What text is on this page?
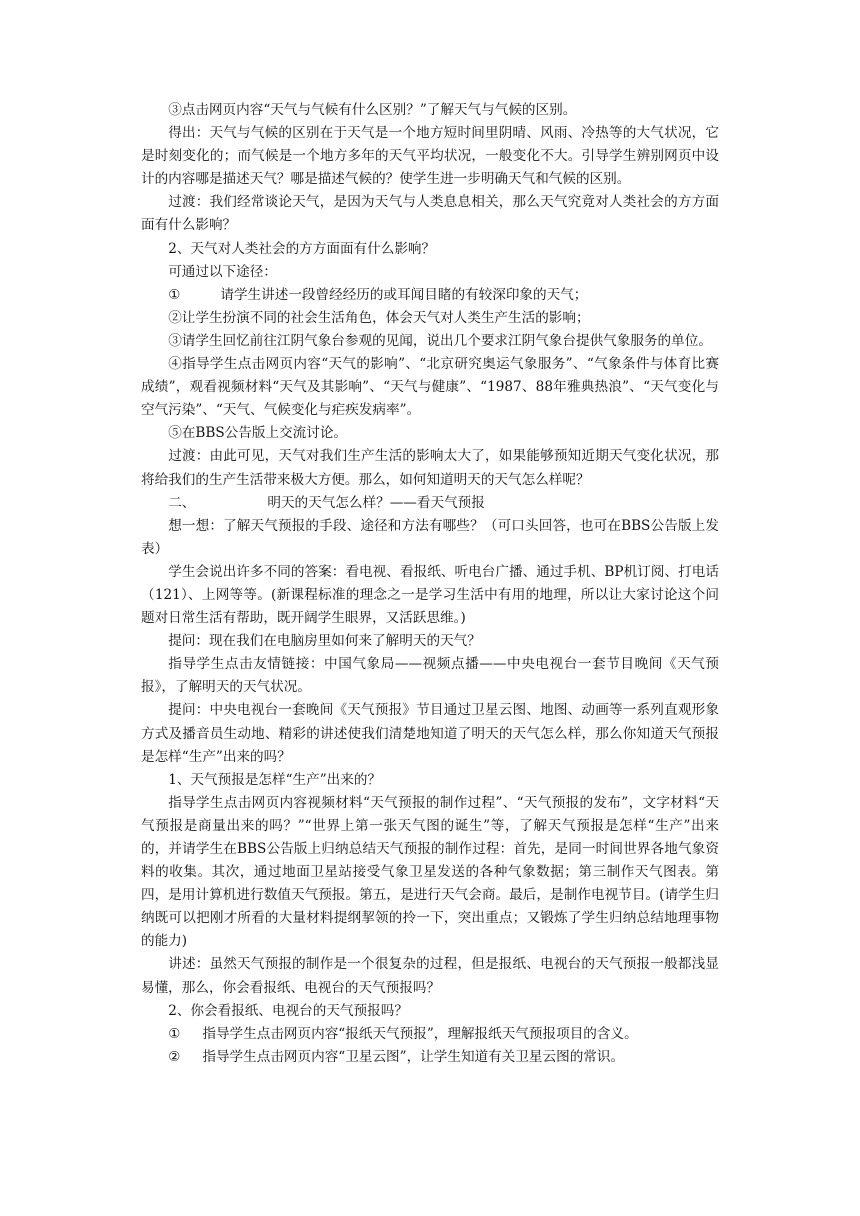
③点击网页内容“天气与气候有什么区别？”了解天气与气候的区别。

得出：天气与气候的区别在于天气是一个地方短时间里阴晴、风雨、冷热等的大气状况，它是时刻变化的；而气候是一个地方多年的天气平均状况，一般变化不大。引导学生辨别网页中设计的内容哪是描述天气？哪是描述气候的？使学生进一步明确天气和气候的区别。

过渡：我们经常谈论天气，是因为天气与人类息息相关，那么天气究竟对人类社会的方方面面有什么影响？

2、天气对人类社会的方方面面有什么影响？

可通过以下途径：

①	请学生讲述一段曾经经历的或耳闻目睹的有较深印象的天气；

②让学生扮演不同的社会生活角色，体会天气对人类生产生活的影响；

③请学生回忆前往江阴气象台参观的见闻，说出几个要求江阴气象台提供气象服务的单位。

④指导学生点击网页内容“天气的影响”、“北京研究奥运气象服务”、“气象条件与体育比赛成绩”，观看视频材料“天气及其影响”、“天气与健康”、“1987、88年雅典热浪”、“天气变化与空气污染”、“天气、气候变化与疟疾发病率”。

⑤在BBS公告版上交流讨论。

过渡：由此可见，天气对我们生产生活的影响太大了，如果能够预知近期天气变化状况，那将给我们的生产生活带来极大方便。那么，如何知道明天的天气怎么样呢？

二、	明天的天气怎么样？——看天气预报

想一想：了解天气预报的手段、途径和方法有哪些？（可口头回答，也可在BBS公告版上发表）

学生会说出许多不同的答案：看电视、看报纸、听电台广播、通过手机、BP机订阅、打电话（121）、上网等等。(新课程标准的理念之一是学习生活中有用的地理，所以让大家讨论这个问题对日常生活有帮助，既开阔学生眼界，又活跃思维。)

提问：现在我们在电脑房里如何来了解明天的天气？

指导学生点击友情链接：中国气象局——视频点播——中央电视台一套节目晚间《天气预报》，了解明天的天气状况。

提问：中央电视台一套晚间《天气预报》节目通过卫星云图、地图、动画等一系列直观形象方式及播音员生动地、精彩的讲述使我们清楚地知道了明天的天气怎么样，那么你知道天气预报是怎样“生产”出来的吗？

1、天气预报是怎样“生产”出来的？

指导学生点击网页内容视频材料“天气预报的制作过程”、“天气预报的发布”，文字材料“天气预报是商量出来的吗？”“世界上第一张天气图的诞生”等，了解天气预报是怎样“生产”出来的，并请学生在BBS公告版上归纳总结天气预报的制作过程：首先，是同一时间世界各地气象资料的收集。其次，通过地面卫星站接受气象卫星发送的各种气象数据；第三制作天气图表。第四，是用计算机进行数值天气预报。第五，是进行天气会商。最后，是制作电视节目。(请学生归纳既可以把刚才所看的大量材料提纲挈领的拎一下，突出重点；又锻炼了学生归纳总结地理事物的能力)

讲述：虽然天气预报的制作是一个很复杂的过程，但是报纸、电视台的天气预报一般都浅显易懂，那么，你会看报纸、电视台的天气预报吗？

2、你会看报纸、电视台的天气预报吗？

① 指导学生点击网页内容“报纸天气预报”，理解报纸天气预报项目的含义。

② 指导学生点击网页内容“卫星云图”，让学生知道有关卫星云图的常识。
